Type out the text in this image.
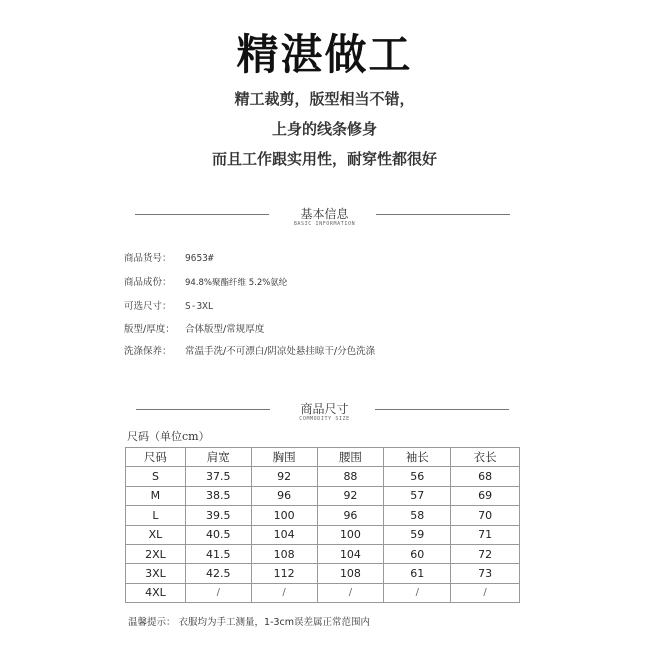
精湛做工
精工裁剪，版型相当不错，
上身的线条修身
而且工作跟实用性，耐穿性都很好
基本信息
BASIC INFORMATION
商品货号： 9653#
商品成份： 94.8%聚酯纤维 5.2%氨纶
可选尺寸： S-3XL
版型/厚度： 合体版型/常规厚度
洗涤保养： 常温手洗/不可漂白/阴凉处悬挂晾干/分色洗涤
商品尺寸
COMMODITY SIZE
尺码（单位cm）
尺码	肩宽	胸围	腰围	袖长	衣长
S	37.5	92	88	56	68
M	38.5	96	92	57	69
L	39.5	100	96	58	70
XL	40.5	104	100	59	71
2XL	41.5	108	104	60	72
3XL	42.5	112	108	61	73
4XL	/	/	/	/	/
温馨提示： 衣服均为手工测量，1-3cm误差属正常范围内
